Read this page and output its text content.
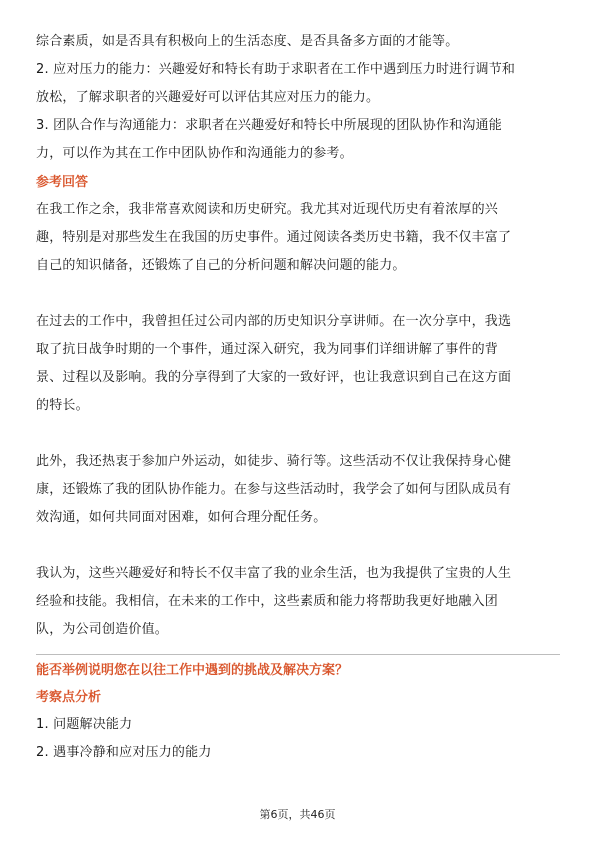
综合素质，如是否具有积极向上的生活态度、是否具备多方面的才能等。
2. 应对压力的能力：兴趣爱好和特长有助于求职者在工作中遇到压力时进行调节和
放松，了解求职者的兴趣爱好可以评估其应对压力的能力。
3. 团队合作与沟通能力：求职者在兴趣爱好和特长中所展现的团队协作和沟通能
力，可以作为其在工作中团队协作和沟通能力的参考。
参考回答
在我工作之余，我非常喜欢阅读和历史研究。我尤其对近现代历史有着浓厚的兴
趣，特别是对那些发生在我国的历史事件。通过阅读各类历史书籍，我不仅丰富了
自己的知识储备，还锻炼了自己的分析问题和解决问题的能力。
在过去的工作中，我曾担任过公司内部的历史知识分享讲师。在一次分享中，我选
取了抗日战争时期的一个事件，通过深入研究，我为同事们详细讲解了事件的背
景、过程以及影响。我的分享得到了大家的一致好评，也让我意识到自己在这方面
的特长。
此外，我还热衷于参加户外运动，如徒步、骑行等。这些活动不仅让我保持身心健
康，还锻炼了我的团队协作能力。在参与这些活动时，我学会了如何与团队成员有
效沟通，如何共同面对困难，如何合理分配任务。
我认为，这些兴趣爱好和特长不仅丰富了我的业余生活，也为我提供了宝贵的人生
经验和技能。我相信，在未来的工作中，这些素质和能力将帮助我更好地融入团
队，为公司创造价值。
能否举例说明您在以往工作中遇到的挑战及解决方案？
考察点分析
1. 问题解决能力
2. 遇事冷静和应对压力的能力
第6页，共46页
